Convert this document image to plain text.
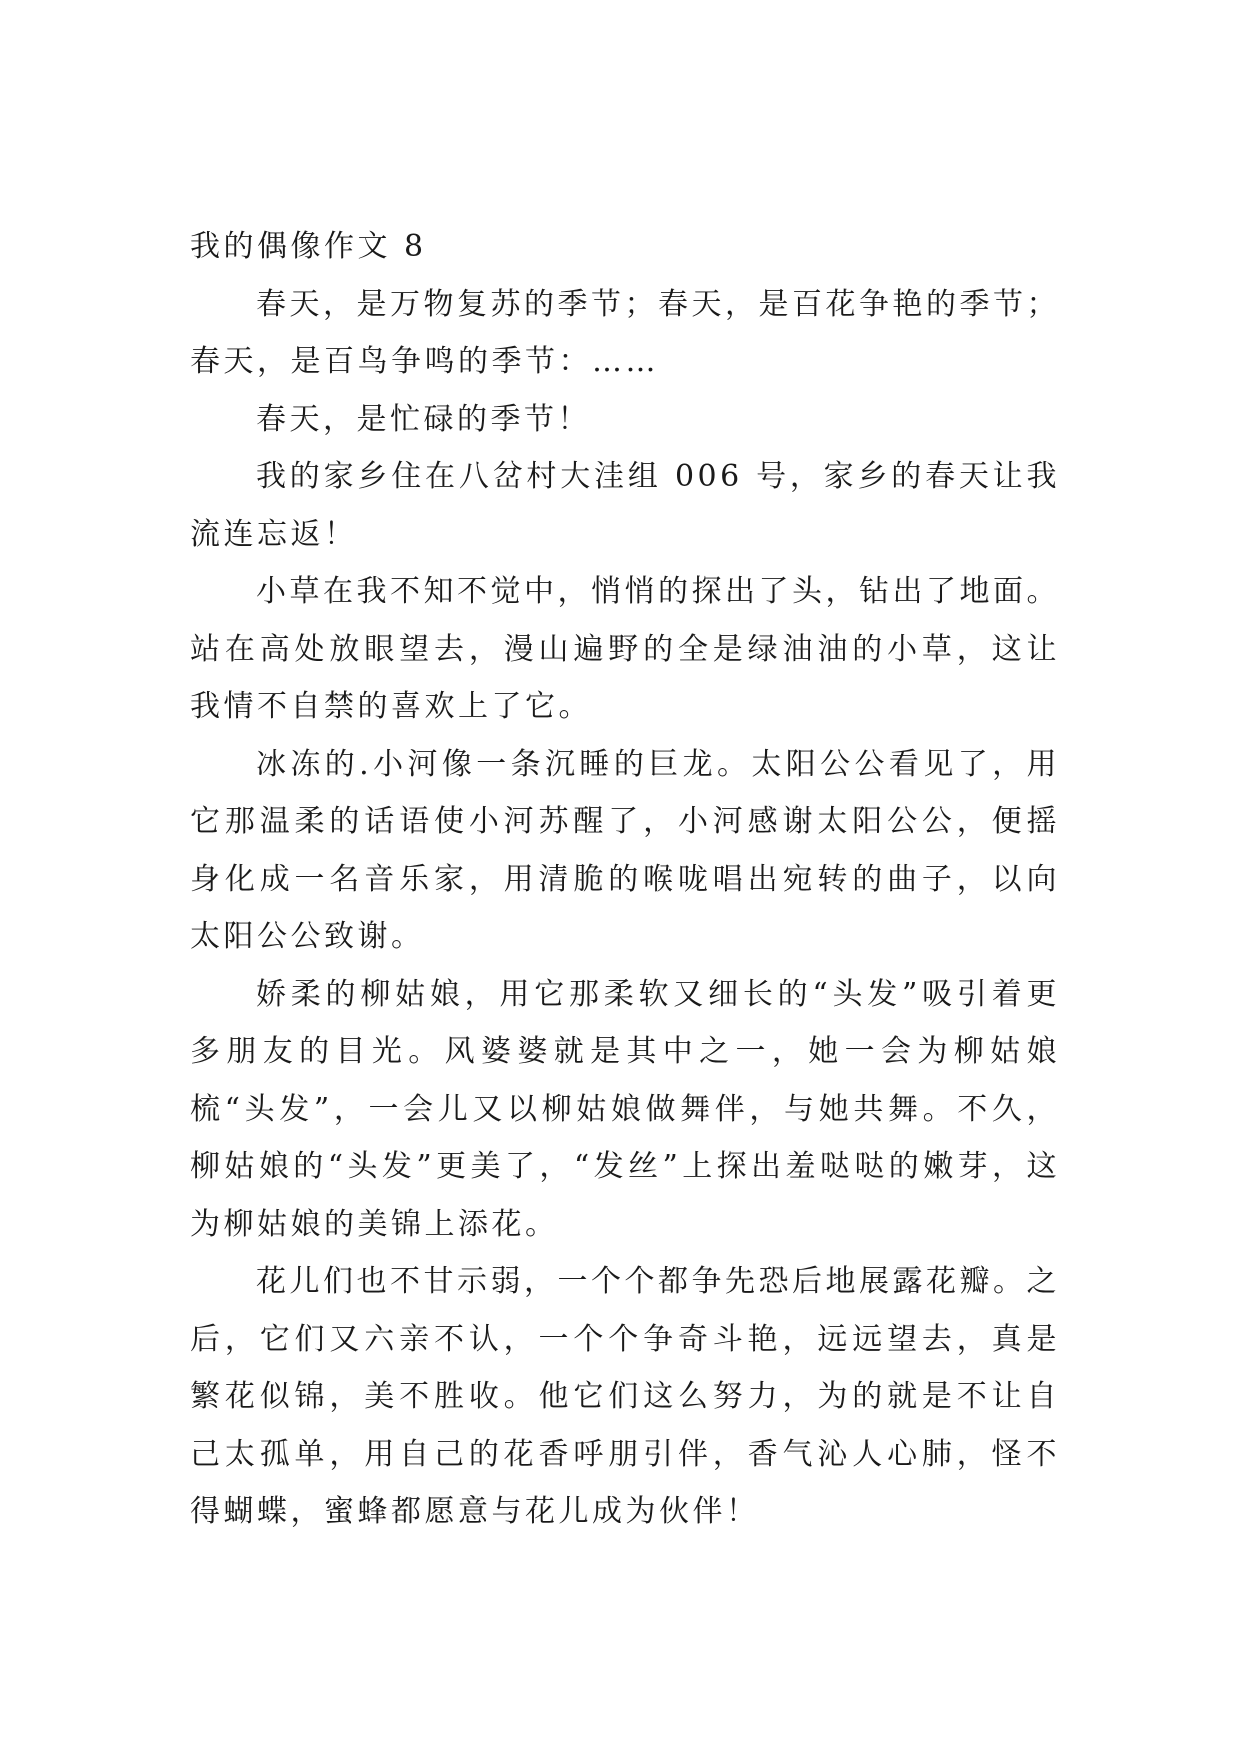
我的偶像作文 8

春天，是万物复苏的季节；春天，是百花争艳的季节；春天，是百鸟争鸣的季节：……

春天，是忙碌的季节！

我的家乡住在八岔村大洼组 006 号，家乡的春天让我流连忘返！

小草在我不知不觉中，悄悄的探出了头，钻出了地面。站在高处放眼望去，漫山遍野的全是绿油油的小草，这让我情不自禁的喜欢上了它。

冰冻的.小河像一条沉睡的巨龙。太阳公公看见了，用它那温柔的话语使小河苏醒了，小河感谢太阳公公，便摇身化成一名音乐家，用清脆的喉咙唱出宛转的曲子，以向太阳公公致谢。

娇柔的柳姑娘，用它那柔软又细长的“头发”吸引着更多朋友的目光。风婆婆就是其中之一，她一会为柳姑娘梳“头发”，一会儿又以柳姑娘做舞伴，与她共舞。不久，柳姑娘的“头发”更美了，“发丝”上探出羞哒哒的嫩芽，这为柳姑娘的美锦上添花。

花儿们也不甘示弱，一个个都争先恐后地展露花瓣。之后，它们又六亲不认，一个个争奇斗艳，远远望去，真是繁花似锦，美不胜收。他它们这么努力，为的就是不让自己太孤单，用自己的花香呼朋引伴，香气沁人心肺，怪不得蝴蝶，蜜蜂都愿意与花儿成为伙伴！
